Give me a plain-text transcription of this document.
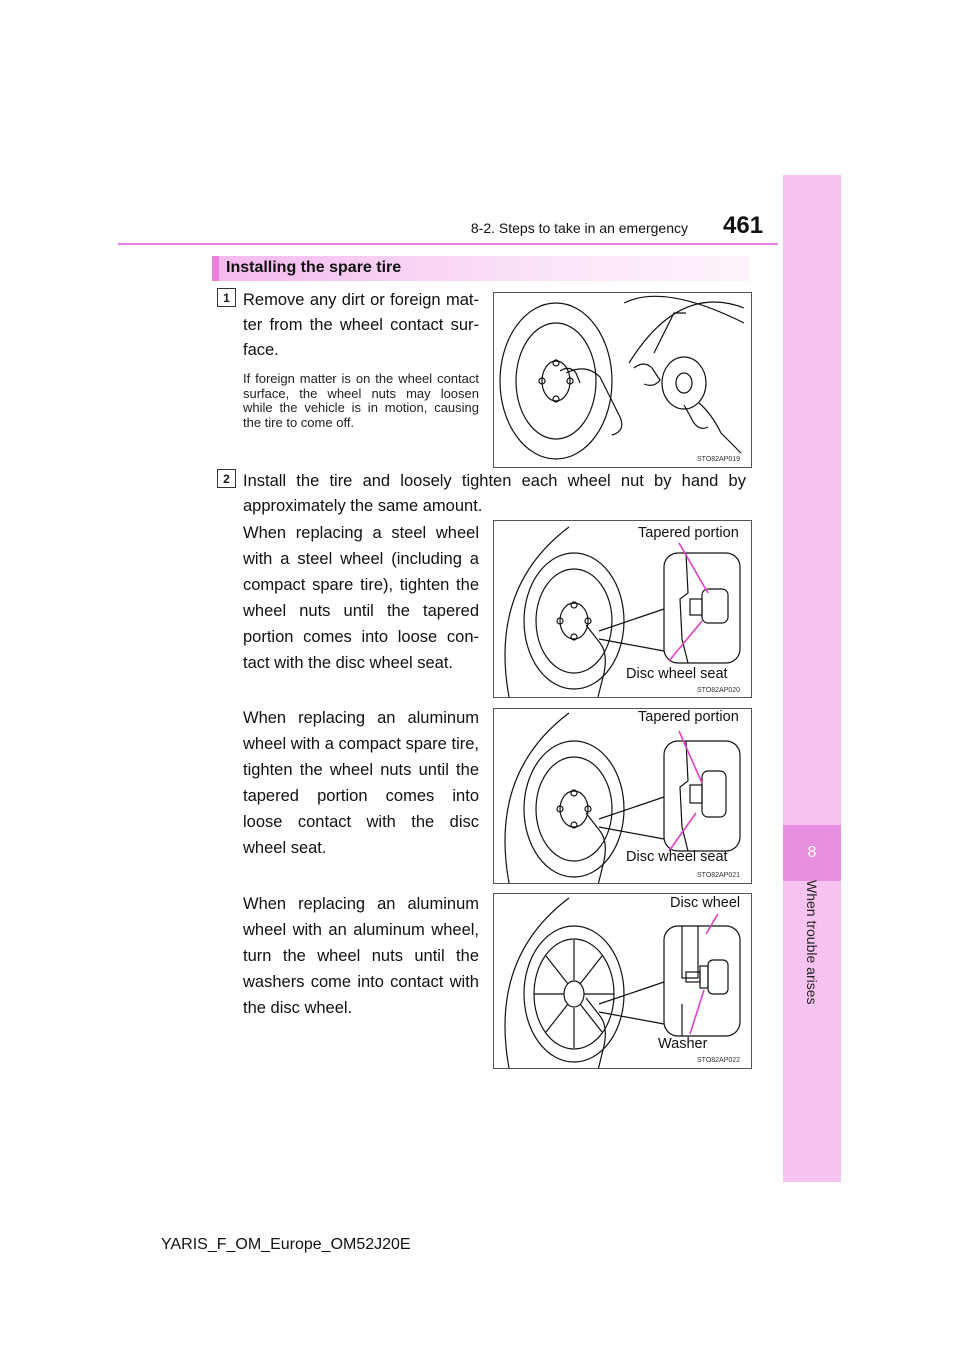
8
When trouble arises
8-2. Steps to take in an emergency 461
Installing the spare tire
1 Remove any dirt or foreign mat-ter from the wheel contact sur-face.
If foreign matter is on the wheel contact surface, the wheel nuts may loosen while the vehicle is in motion, causing the tire to come off.
STO82AP019
2 Install the tire and loosely tighten each wheel nut by hand by approximately the same amount.
When replacing a steel wheel with a steel wheel (including a compact spare tire), tighten the wheel nuts until the tapered portion comes into loose con-tact with the disc wheel seat.
Tapered portion
Disc wheel seat
STO82AP020
When replacing an aluminum wheel with a compact spare tire, tighten the wheel nuts until the tapered portion comes into loose contact with the disc wheel seat.
Tapered portion
Disc wheel seat
STO82AP021
When replacing an aluminum wheel with an aluminum wheel, turn the wheel nuts until the washers come into contact with the disc wheel.
Disc wheel
Washer
STO82AP022
YARIS_F_OM_Europe_OM52J20E
